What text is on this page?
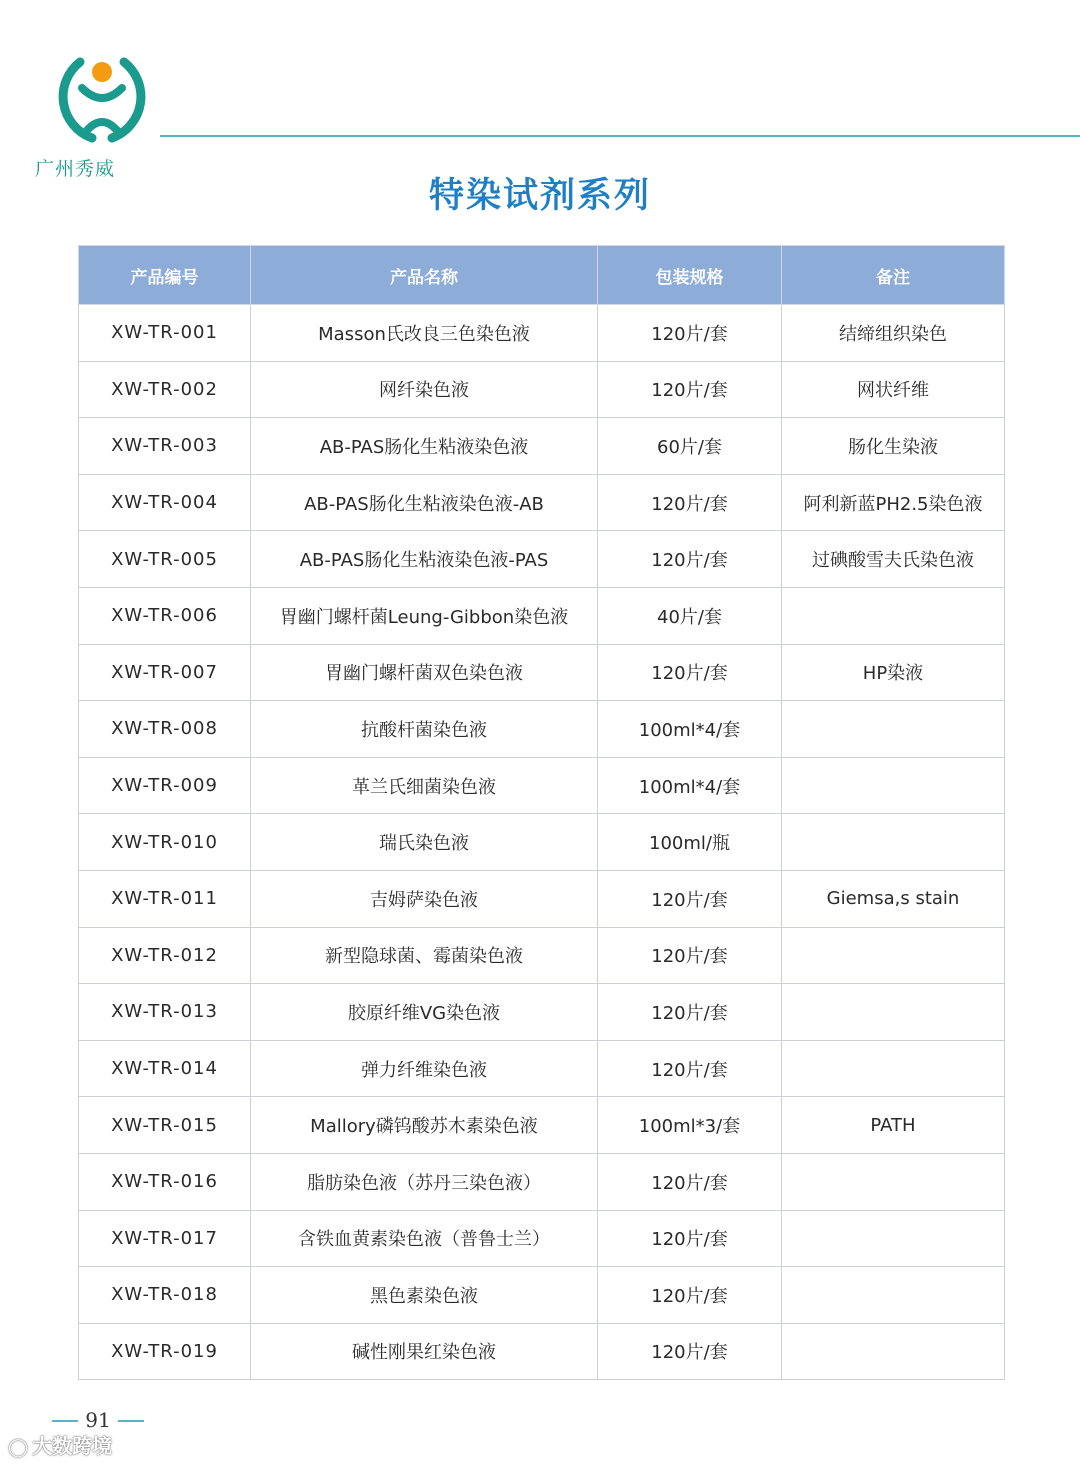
广州秀威
特染试剂系列
产品编号	产品名称	包装规格	备注
XW-TR-001	Masson氏改良三色染色液	120片/套	结缔组织染色
XW-TR-002	网纤染色液	120片/套	网状纤维
XW-TR-003	AB-PAS肠化生粘液染色液	60片/套	肠化生染液
XW-TR-004	AB-PAS肠化生粘液染色液-AB	120片/套	阿利新蓝PH2.5染色液
XW-TR-005	AB-PAS肠化生粘液染色液-PAS	120片/套	过碘酸雪夫氏染色液
XW-TR-006	胃幽门螺杆菌Leung-Gibbon染色液	40片/套	
XW-TR-007	胃幽门螺杆菌双色染色液	120片/套	HP染液
XW-TR-008	抗酸杆菌染色液	100ml*4/套	
XW-TR-009	革兰氏细菌染色液	100ml*4/套	
XW-TR-010	瑞氏染色液	100ml/瓶	
XW-TR-011	吉姆萨染色液	120片/套	Giemsa,s stain
XW-TR-012	新型隐球菌、霉菌染色液	120片/套	
XW-TR-013	胶原纤维VG染色液	120片/套	
XW-TR-014	弹力纤维染色液	120片/套	
XW-TR-015	Mallory磷钨酸苏木素染色液	100ml*3/套	PATH
XW-TR-016	脂肪染色液（苏丹三染色液）	120片/套	
XW-TR-017	含铁血黄素染色液（普鲁士兰）	120片/套	
XW-TR-018	黑色素染色液	120片/套	
XW-TR-019	碱性刚果红染色液	120片/套	
91
◯ 大数跨境
